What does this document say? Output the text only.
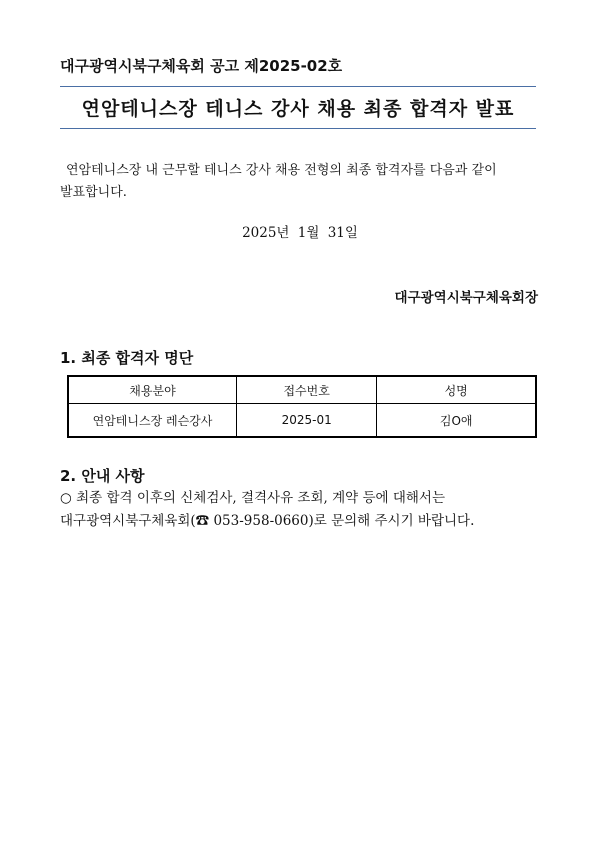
대구광역시북구체육회 공고 제2025-02호
연암테니스장 테니스 강사 채용 최종 합격자 발표
연암테니스장 내 근무할 테니스 강사 채용 전형의 최종 합격자를 다음과 같이 발표합니다.
2025년 1월 31일
대구광역시북구체육회장
1. 최종 합격자 명단
채용분야	접수번호	성명
연암테니스장 레슨강사	2025-01	김O애
2. 안내 사항
○ 최종 합격 이후의 신체검사, 결격사유 조회, 계약 등에 대해서는 대구광역시북구체육회(☎ 053-958-0660)로 문의해 주시기 바랍니다.
